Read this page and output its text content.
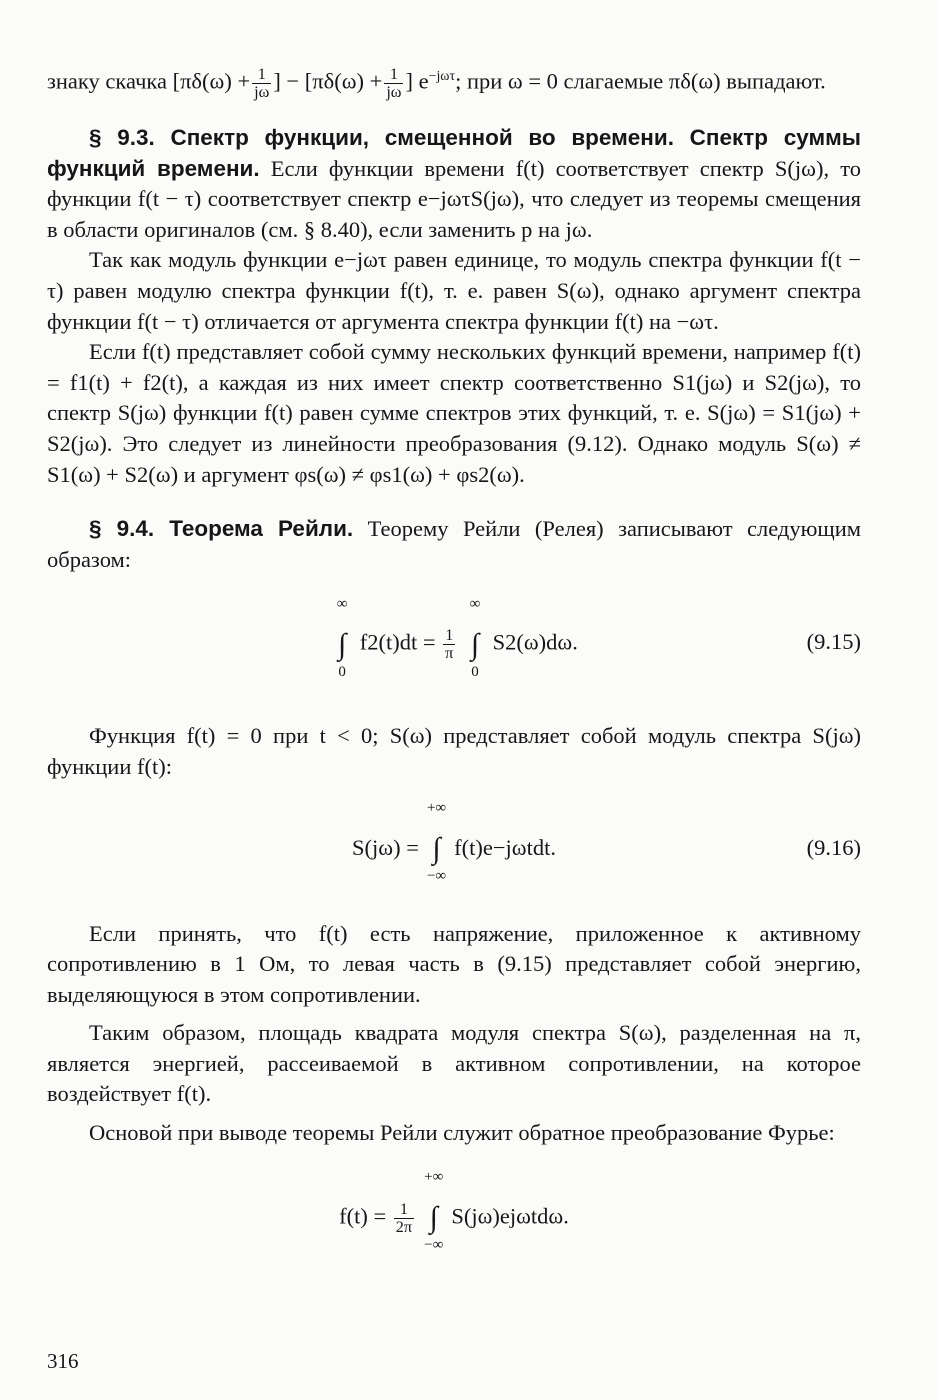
знаку скачка [$\pi\delta(\omega) + \frac{1}{j\omega}$ ] − [$\pi\delta(\omega) + \frac{1}{j\omega}$ ] $e^{-j\omega\tau}$; при ω = 0 слагаемые πδ(ω) выпадают.

§ 9.3. Спектр функции, смещенной во времени. Спектр суммы функций времени. Если функции времени f(t) соответствует спектр S(jω), то функции f(t − τ) соответствует спектр e−jωτS(jω), что следует из теоремы смещения в области оригиналов (см. § 8.40), если заменить p на jω.

Так как модуль функции e−jωτ равен единице, то модуль спектра функции f(t − τ) равен модулю спектра функции f(t), т. е. равен S(ω), однако аргумент спектра функции f(t − τ) отличается от аргумента спектра функции f(t) на −ωτ.

Если f(t) представляет собой сумму нескольких функций времени, например f(t) = f1(t) + f2(t), а каждая из них имеет спектр соответственно S1(jω) и S2(jω), то спектр S(jω) функции f(t) равен сумме спектров этих функций, т. е. S(jω) = S1(jω) + S2(jω). Это следует из линейности преобразования (9.12). Однако модуль S(ω) ≠ S1(ω) + S2(ω) и аргумент φs(ω) ≠ φs1(ω) + φs2(ω).

§ 9.4. Теорема Рейли. Теорему Рейли (Релея) записывают следующим образом:

∫
∞
0
$f2(t)dt = \frac{1}{\pi}$ ∫
∞
0
S2(ω)dω.	(9.15)

Функция f(t) = 0 при t < 0; S(ω) представляет собой модуль спектра S(jω) функции f(t):

S(jω) = ∫
+∞
−∞
f(t)e−jωtdt.	(9.16)

Если принять, что f(t) есть напряжение, приложенное к активному сопротивлению в 1 Ом, то левая часть в (9.15) представляет собой энергию, выделяющуюся в этом сопротивлении.

Таким образом, площадь квадрата модуля спектра S(ω), разделенная на π, является энергией, рассеиваемой в активном сопротивлении, на которое воздействует f(t).

Основой при выводе теоремы Рейли служит обратное преобразование Фурье:

$f(t) = \frac{1}{2\pi}$ ∫
+∞
−∞
S(jω)ejωtdω.
316
